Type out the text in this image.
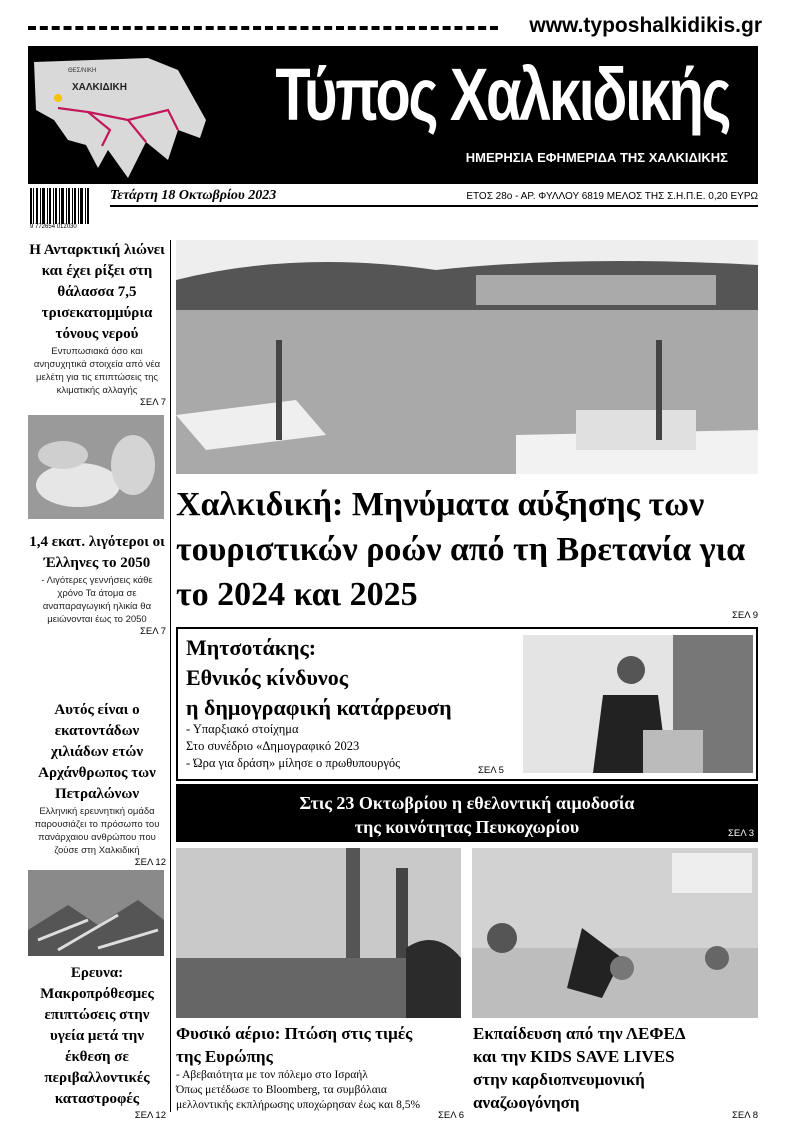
www.typoshalkidikis.gr
ΘΕΣ/ΝΙΚΗ
ΧΑΛΚΙΔΙΚΗ Τύπος Χαλκιδικής
ΗΜΕΡΗΣΙΑ ΕΦΗΜΕΡΙΔΑ ΤΗΣ ΧΑΛΚΙΔΙΚΗΣ
9 772654 012030
Τετάρτη 18 Οκτωβρίου 2023	ΕΤΟΣ 28ο - ΑΡ. ΦΥΛΛΟΥ 6819 ΜΕΛΟΣ ΤΗΣ Σ.Η.Π.Ε. 0,20 ΕΥΡΩ
Η Ανταρκτική λιώνει και έχει ρίξει στη θάλασσα 7,5 τρισεκατομμύρια τόνους νερού
Εντυπωσιακά όσο και ανησυχητικά στοιχεία από νέα μελέτη για τις επιπτώσεις της κλιματικής αλλαγής
ΣΕΛ 7
1,4 εκατ. λιγότεροι οι Έλληνες το 2050
- Λιγότερες γεννήσεις κάθε χρόνο Τα άτομα σε αναπαραγωγική ηλικία θα μειώνονται έως το 2050
ΣΕΛ 7
Αυτός είναι ο εκατοντάδων χιλιάδων ετών Αρχάνθρωπος των Πετραλώνων
Ελληνική ερευνητική ομάδα παρουσιάζει το πρόσωπο του πανάρχαιου ανθρώπου που ζούσε στη Χαλκιδική
ΣΕΛ 12
Ερευνα: Μακροπρόθεσμες επιπτώσεις στην υγεία μετά την έκθεση σε περιβαλλοντικές καταστροφές
ΣΕΛ 12
Χαλκιδική: Μηνύματα αύξησης των τουριστικών ροών από τη Βρετανία για το 2024 και 2025
ΣΕΛ 9
Μητσοτάκης:
Εθνικός κίνδυνος
η δημογραφική κατάρρευση
- Υπαρξιακό στοίχημα
Στο συνέδριο «Δημογραφικό 2023
- Ώρα για δράση» μίλησε ο πρωθυπουργός
ΣΕΛ 5
Στις 23 Οκτωβρίου η εθελοντική αιμοδοσία
της κοινότητας Πευκοχωρίου	ΣΕΛ 3
Φυσικό αέριο: Πτώση στις τιμές
της Ευρώπης
- Αβεβαιότητα με τον πόλεμο στο Ισραήλ
Όπως μετέδωσε το Bloomberg, τα συμβόλαια
μελλοντικής εκπλήρωσης υποχώρησαν έως και 8,5%
ΣΕΛ 6
Εκπαίδευση από την ΛΕΦΕΔ
και την KIDS SAVE LIVES
στην καρδιοπνευμονική
αναζωογόνηση
ΣΕΛ 8
